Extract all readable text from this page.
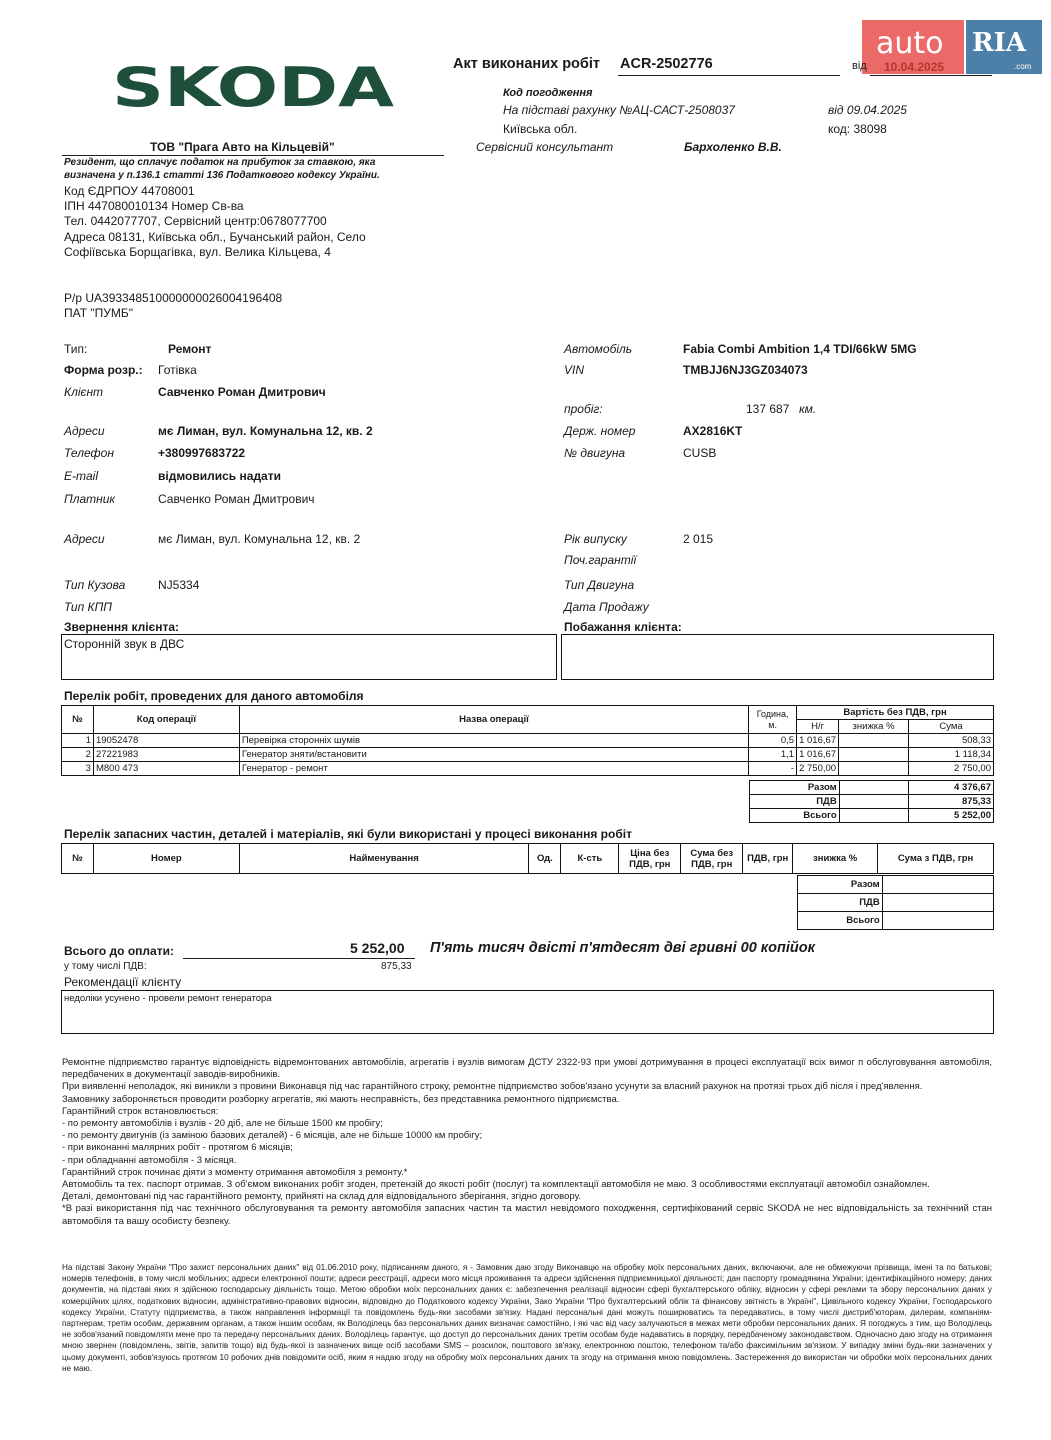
SKODA
auto RIA
.com
Акт виконаних робіт ACR-2502776	від 10.04.2025
Код погодження
На підставі рахунку №АЦ-САСТ-2508037	від 09.04.2025
Київська обл.	код: 38098
Сервісний консультант	Бархоленко В.В.
ТОВ "Прага Авто на Кільцевій"
Резидент, що сплачує податок на прибуток за ставкою, яка
визначена у п.136.1 статті 136 Податкового кодексу України.
Код ЄДРПОУ 44708001
ІПН 447080010134 Номер Св-ва
Тел. 0442077707, Сервісний центр:0678077700
Адреса 08131, Київська обл., Бучанський район, Село
Софіївська Борщагівка, вул. Велика Кільцева, 4
Р/р UA393348510000000026004196408
ПАТ "ПУМБ"
Тип:	Ремонт
Форма розр.: Готівка
Клієнт	Савченко Роман Дмитрович
Адреси	мє Лиман, вул. Комунальна 12, кв. 2
Телефон	+380997683722
E-mail	відмовились надати
Платник	Савченко Роман Дмитрович
Адреси	мє Лиман, вул. Комунальна 12, кв. 2
Тип Кузова	NJ5334
Тип КПП
Автомобіль	Fabia Combi Ambition 1,4 TDI/66kW 5MG
VIN	TMBJJ6NJ3GZ034073
пробіг:	137 687 км.
Держ. номер	AX2816KT
№ двигуна	CUSB
Рік випуску	2 015
Поч.гарантії
Тип Двигуна
Дата Продажу
Звернення клієнта:
Сторонній звук в ДВС
Побажання клієнта:
Перелік робіт, проведених для даного автомобіля
№	Код операції	Назва операції	Година,
м.	Вартість без ПДВ, грн		
				Н/г	знижка %	Сума
1	19052478	Перевірка сторонніх шумів	0,5	1 016,67		508,33
2	27221983	Генератор зняти/встановити	1,1	1 016,67		1 118,34
3	M800 473	Генератор - ремонт	-	2 750,00		2 750,00
Разом		4 376,67
ПДВ		875,33
Всього		5 252,00
Перелік запасних частин, деталей і матеріалів, які були використані у процесі виконання робіт
№	Номер	Найменування	Од.	К-сть	Ціна без
ПДВ, грн	Сума без
ПДВ, грн	ПДВ, грн	знижка %	Сума з ПДВ, грн
Разом	
ПДВ	
Всього	
Всього до оплати:	5 252,00 П'ять тисяч двісті п'ятдесят дві гривні 00 копійок
у тому числі ПДВ:	875,33
Рекомендації клієнту
недоліки усунено - провели ремонт генератора
Ремонтне підприємство гарантує відповідність відремонтованих автомобілів, агрегатів і вузлів вимогам ДСТУ 2322-93 при умові дотримування в процесі експлуатації всіх вимог п обслуговування автомобіля, передбачених в документації заводів-виробників.
При виявленні неполадок, які виникли з провини Виконавця під час гарантійного строку, ремонтне підприємство зобов'язано усунути за власний рахунок на протязі трьох діб після і пред'явлення.
Замовнику забороняється проводити розборку агрегатів, які мають несправність, без представника ремонтного підприємства.
Гарантійний строк встановлюється:
- по ремонту автомобілів і вузлів - 20 діб, але не більше 1500 км пробігу;
- по ремонту двигунів (із заміною базових деталей) - 6 місяців, але не більше 10000 км пробігу;
- при виконанні малярних робіт - протягом 6 місяців;
- при обладнанні автомобіля - 3 місяця.
Гарантійний строк починає діяти з моменту отримання автомобіля з ремонту.*
Автомобіль та тех. паспорт отримав. З об'ємом виконаних робіт згоден, претензій до якості робіт (послуг) та комплектації автомобіля не маю. З особливостями експлуатації автомобіл ознайомлен.
Деталі, демонтовані під час гарантійного ремонту, прийняті на склад для відповідального зберігання, згідно договору.
*В разі використання під час технічного обслуговування та ремонту автомобіля запасних частин та мастил невідомого походження, сертифікований сервіс SKODA не нес відповідальність за технічний стан автомобіля та вашу особисту безпеку.
На підставі Закону України "Про захист персональних даних" від 01.06.2010 року, підписанням даного, я - Замовник даю згоду Виконавцю на обробку моїх персональних даних, включаючи, але не обмежуючи прізвища, імені та по батькові; номерів телефонів, в тому числі мобільних; адреси електронної пошти; адреси реєстрації, адреси мого місця проживання та адреси здійснення підприємницької діяльності; дан паспорту громадянина України; ідентифікаційного номеру; даних документів, на підставі яких я здійснюю господарську діяльність тощо. Метою обробки моїх персональних даних є: забезпечення реалізації відносин сфері бухгалтерського обліку, відносин у сфері реклами та збору персональних даних у комерційних цілях, податкових відносин, адміністративно-правових відносин, відповідно до Податкового кодексу України, Зако України "Про бухгалтерський облік та фінансову звітність в Україні", Цивільного кодексу України, Господарського кодексу України, Статуту підприємства, а також направлення інформації та повідомлень будь-яки засобами зв'язку. Надані персональні дані можуть поширюватись та передаватись, в тому числі дистриб'юторам, дилерам, компаніям-партнерам, третім особам, державним органам, а також іншим особам, як Володілець баз персональних даних визначає самостійно, і які час від часу залучаються в межах мети обробки персональних даних. Я погоджусь з тим, що Володілець не зобов'язаний повідомляти мене про та передачу персональних даних. Володілець гарантує, що доступ до персональних даних третім особам буде надаватись в порядку, передбаченому законодавством. Одночасно даю згоду на отримання мною звернен (повідомлень, звітів, запитів тощо) від будь-якої із зазначених вище осіб засобами SMS – розсилок, поштового зв'язку, електронною поштою, телефоном та/або факсимільним зв'язком. У випадку зміни будь-яки зазначених у цьому документі, зобов'язуюсь протягом 10 робочих днів повідомити осіб, яким я надаю згоду на обробку моїх персональних даних та згоду на отримання мною повідомлень. Застереження до використан чи обробки моїх персональних даних не маю.
